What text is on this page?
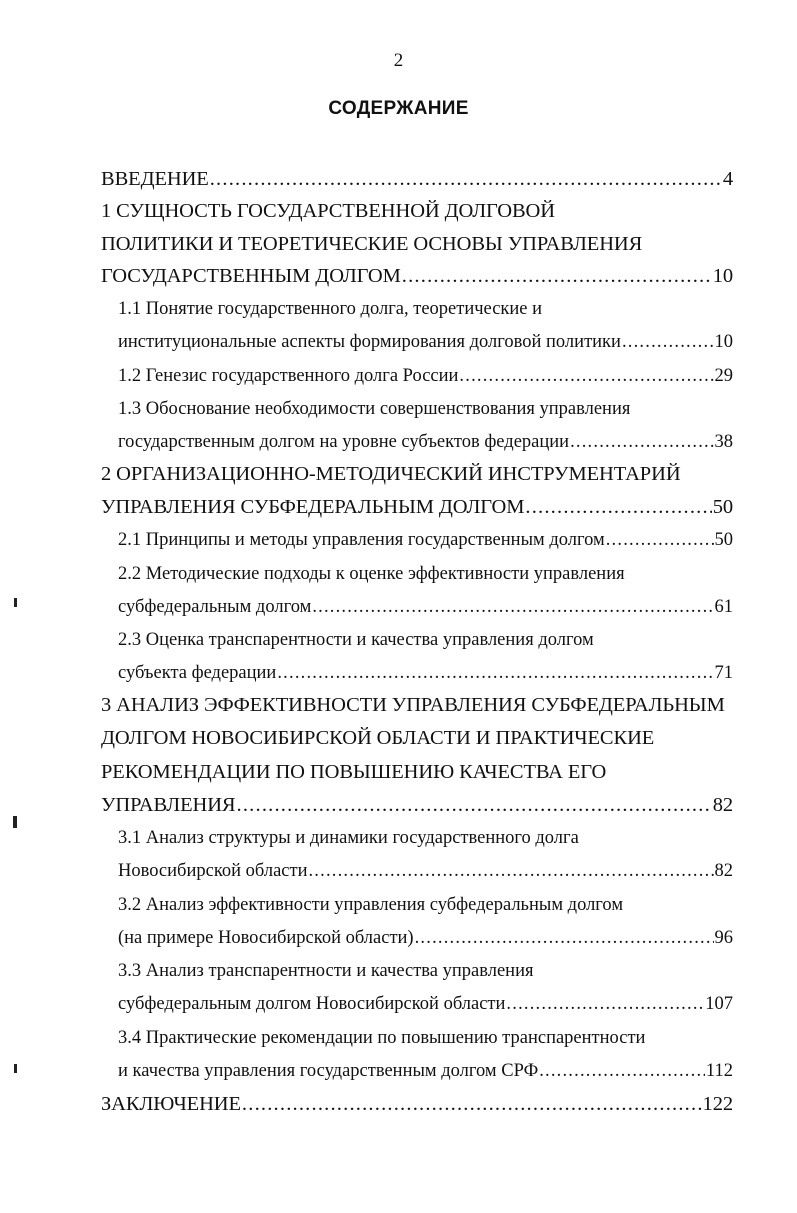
2
СОДЕРЖАНИЕ
ВВЕДЕНИЕ .....	4
1 СУЩНОСТЬ ГОСУДАРСТВЕННОЙ ДОЛГОВОЙ
ПОЛИТИКИ И ТЕОРЕТИЧЕСКИЕ ОСНОВЫ УПРАВЛЕНИЯ
ГОСУДАРСТВЕННЫМ ДОЛГОМ .....	10
1.1 Понятие государственного долга, теоретические и
институциональные аспекты формирования долговой политики .....	10
1.2 Генезис государственного долга России .....	29
1.3 Обоснование необходимости совершенствования управления
государственным долгом на уровне субъектов федерации .....	38
2 ОРГАНИЗАЦИОННО-МЕТОДИЧЕСКИЙ ИНСТРУМЕНТАРИЙ
УПРАВЛЕНИЯ СУБФЕДЕРАЛЬНЫМ ДОЛГОМ .....	50
2.1 Принципы и методы управления государственным долгом .....	50
2.2 Методические подходы к оценке эффективности управления
субфедеральным долгом .....	61
2.3 Оценка транспарентности и качества управления долгом
субъекта федерации .....	71
3 АНАЛИЗ ЭФФЕКТИВНОСТИ УПРАВЛЕНИЯ СУБФЕДЕРАЛЬНЫМ
ДОЛГОМ НОВОСИБИРСКОЙ ОБЛАСТИ И ПРАКТИЧЕСКИЕ
РЕКОМЕНДАЦИИ ПО ПОВЫШЕНИЮ КАЧЕСТВА ЕГО
УПРАВЛЕНИЯ .....	82
3.1 Анализ структуры и динамики государственного долга
Новосибирской области .....	82
3.2 Анализ эффективности управления субфедеральным долгом
(на примере Новосибирской области) .....	96
3.3 Анализ транспарентности и качества управления
субфедеральным долгом Новосибирской области .....	107
3.4 Практические рекомендации по повышению транспарентности
и качества управления государственным долгом СРФ .....	112
ЗАКЛЮЧЕНИЕ .....	122
